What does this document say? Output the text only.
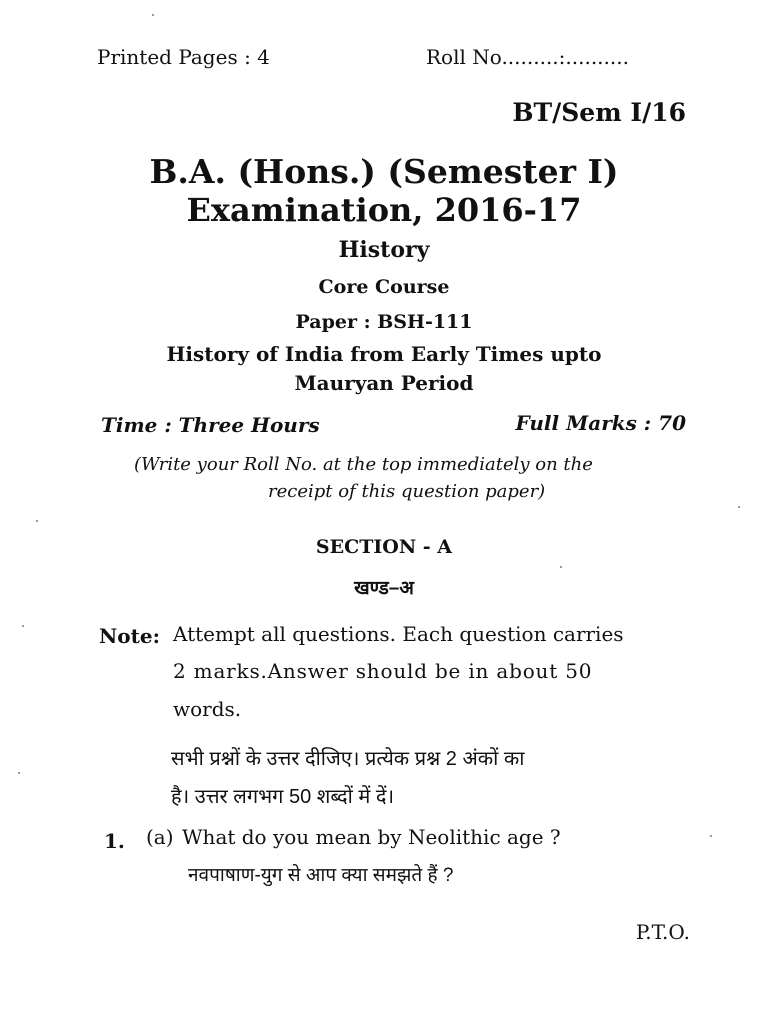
Printed Pages : 4	Roll No.........:..........
BT/Sem I/16
B.A. (Hons.) (Semester I)
Examination, 2016-17
History
Core Course
Paper : BSH-111
History of India from Early Times upto
Mauryan Period
Time : Three Hours	Full Marks : 70
(Write your Roll No. at the top immediately on the
receipt of this question paper)
SECTION - A
खण्ड–अ
Note: Attempt all questions. Each question carries
2 marks.Answer should be in about 50
words.
सभी प्रश्नों के उत्तर दीजिए। प्रत्येक प्रश्न 2 अंकों का
है। उत्तर लगभग 50 शब्दों में दें।
1. (a) What do you mean by Neolithic age ?
नवपाषाण-युग से आप क्या समझते हैं ?
P.T.O.
